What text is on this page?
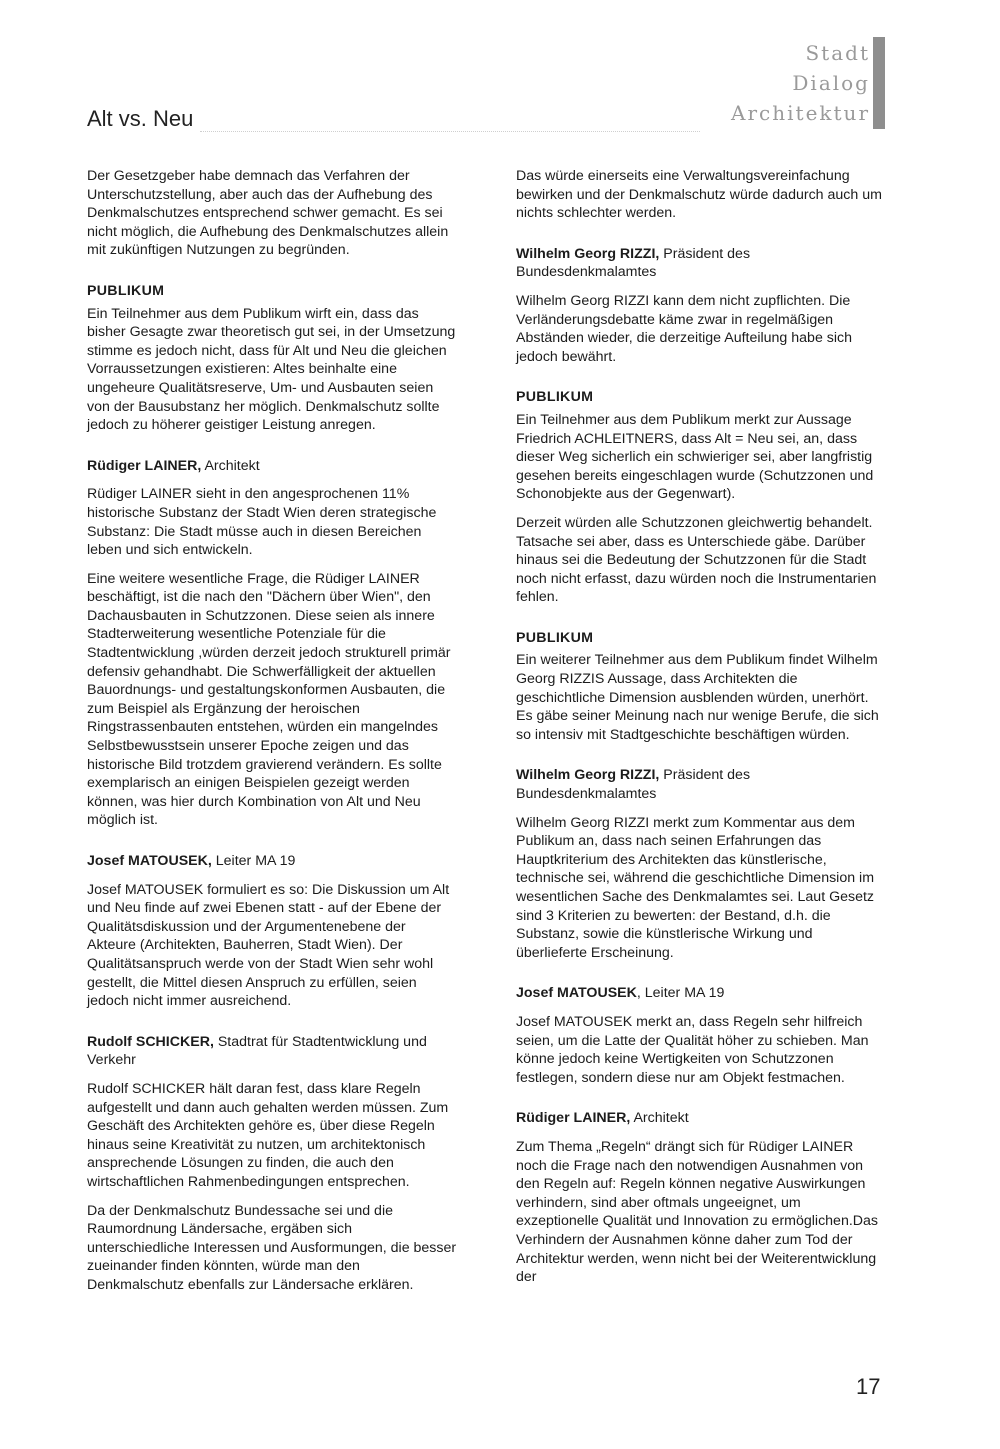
Alt vs. Neu
Stadt
Dialog
Architektur

Der Gesetzgeber habe demnach das Verfahren der Unterschutzstellung, aber auch das der Aufhebung des Denkmalschutzes entsprechend schwer gemacht. Es sei nicht möglich, die Aufhebung des Denkmalschutzes allein mit zukünftigen Nutzungen zu begründen.

PUBLIKUM

Ein Teilnehmer aus dem Publikum wirft ein, dass das bisher Gesagte zwar theoretisch gut sei, in der Umsetzung stimme es jedoch nicht, dass für Alt und Neu die gleichen Vorraussetzungen existieren: Altes beinhalte eine ungeheure Qualitätsreserve, Um- und Ausbauten seien von der Bausubstanz her möglich. Denkmalschutz sollte jedoch zu höherer geistiger Leistung anregen.

Rüdiger LAINER, Architekt

Rüdiger LAINER sieht in den angesprochenen 11% historische Substanz der Stadt Wien deren strategische Substanz: Die Stadt müsse auch in diesen Bereichen leben und sich entwickeln.

Eine weitere wesentliche Frage, die Rüdiger LAINER beschäftigt, ist die nach den "Dächern über Wien", den Dachausbauten in Schutzzonen. Diese seien als innere Stadterweiterung wesentliche Potenziale für die Stadtentwicklung ,würden derzeit jedoch strukturell primär defensiv gehandhabt. Die Schwerfälligkeit der aktuellen Bauordnungs- und gestaltungskonformen Ausbauten, die zum Beispiel als Ergänzung der heroischen Ringstrassenbauten entstehen, würden ein mangelndes Selbstbewusstsein unserer Epoche zeigen und das historische Bild trotzdem gravierend verändern. Es sollte exemplarisch an einigen Beispielen gezeigt werden können, was hier durch Kombination von Alt und Neu möglich ist.

Josef MATOUSEK, Leiter MA 19

Josef MATOUSEK formuliert es so: Die Diskussion um Alt und Neu finde auf zwei Ebenen statt - auf der Ebene der Qualitätsdiskussion und der Argumentenebene der Akteure (Architekten, Bauherren, Stadt Wien). Der Qualitätsanspruch werde von der Stadt Wien sehr wohl gestellt, die Mittel diesen Anspruch zu erfüllen, seien jedoch nicht immer ausreichend.

Rudolf SCHICKER, Stadtrat für Stadtentwicklung und Verkehr

Rudolf SCHICKER hält daran fest, dass klare Regeln aufgestellt und dann auch gehalten werden müssen. Zum Geschäft des Architekten gehöre es, über diese Regeln hinaus seine Kreativität zu nutzen, um architektonisch ansprechende Lösungen zu finden, die auch den wirtschaftlichen Rahmenbedingungen entsprechen.

Da der Denkmalschutz Bundessache sei und die Raumordnung Ländersache, ergäben sich unterschiedliche Interessen und Ausformungen, die besser zueinander finden könnten, würde man den Denkmalschutz ebenfalls zur Ländersache erklären.

Das würde einerseits eine Verwaltungsvereinfachung bewirken und der Denkmalschutz würde dadurch auch um nichts schlechter werden.

Wilhelm Georg RIZZI, Präsident des Bundesdenkmalamtes

Wilhelm Georg RIZZI kann dem nicht zupflichten. Die Verländerungsdebatte käme zwar in regelmäßigen Abständen wieder, die derzeitige Aufteilung habe sich jedoch bewährt.

PUBLIKUM

Ein Teilnehmer aus dem Publikum merkt zur Aussage Friedrich ACHLEITNERS, dass Alt = Neu sei, an, dass dieser Weg sicherlich ein schwieriger sei, aber langfristig gesehen bereits eingeschlagen wurde (Schutzzonen und Schonobjekte aus der Gegenwart).

Derzeit würden alle Schutzzonen gleichwertig behandelt. Tatsache sei aber, dass es Unterschiede gäbe. Darüber hinaus sei die Bedeutung der Schutzzonen für die Stadt noch nicht erfasst, dazu würden noch die Instrumentarien fehlen.

PUBLIKUM

Ein weiterer Teilnehmer aus dem Publikum findet Wilhelm Georg RIZZIS Aussage, dass Architekten die geschichtliche Dimension ausblenden würden, unerhört. Es gäbe seiner Meinung nach nur wenige Berufe, die sich so intensiv mit Stadtgeschichte beschäftigen würden.

Wilhelm Georg RIZZI, Präsident des Bundesdenkmalamtes

Wilhelm Georg RIZZI merkt zum Kommentar aus dem Publikum an, dass nach seinen Erfahrungen das Hauptkriterium des Architekten das künstlerische, technische sei, während die geschichtliche Dimension im wesentlichen Sache des Denkmalamtes sei. Laut Gesetz sind 3 Kriterien zu bewerten: der Bestand, d.h. die Substanz, sowie die künstlerische Wirkung und überlieferte Erscheinung.

Josef MATOUSEK, Leiter MA 19

Josef MATOUSEK merkt an, dass Regeln sehr hilfreich seien, um die Latte der Qualität höher zu schieben. Man könne jedoch keine Wertigkeiten von Schutzzonen festlegen, sondern diese nur am Objekt festmachen.

Rüdiger LAINER, Architekt

Zum Thema „Regeln“ drängt sich für Rüdiger LAINER noch die Frage nach den notwendigen Ausnahmen von den Regeln auf: Regeln können negative Auswirkungen verhindern, sind aber oftmals ungeeignet, um exzeptionelle Qualität und Innovation zu ermöglichen.Das Verhindern der Ausnahmen könne daher zum Tod der Architektur werden, wenn nicht bei der Weiterentwicklung der

17
